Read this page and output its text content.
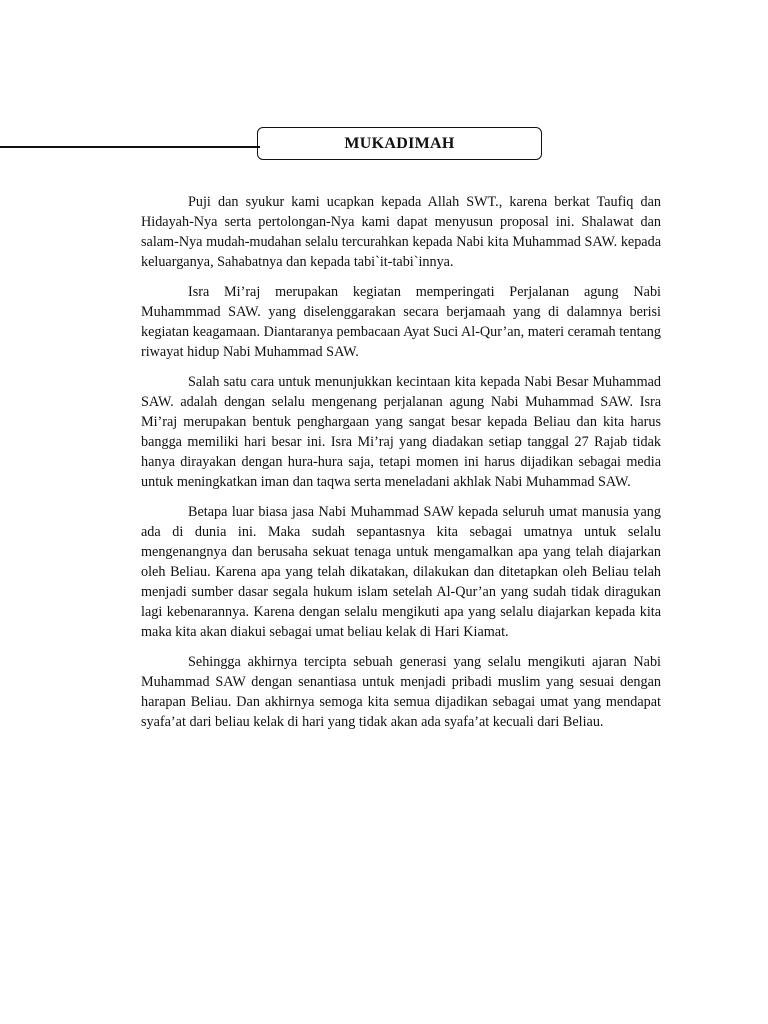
MUKADIMAH

Puji dan syukur kami ucapkan kepada Allah SWT., karena berkat Taufiq dan Hidayah-Nya serta pertolongan-Nya kami dapat menyusun proposal ini. Shalawat dan salam-Nya mudah-mudahan selalu tercurahkan kepada Nabi kita Muhammad SAW. kepada keluarganya, Sahabatnya dan kepada tabi`it-tabi`innya.

Isra Mi’raj merupakan kegiatan memperingati Perjalanan agung Nabi Muhammmad SAW. yang diselenggarakan secara berjamaah yang di dalamnya berisi kegiatan keagamaan. Diantaranya pembacaan Ayat Suci Al-Qur’an, materi ceramah tentang riwayat hidup Nabi Muhammad SAW.

Salah satu cara untuk menunjukkan kecintaan kita kepada Nabi Besar Muhammad SAW. adalah dengan selalu mengenang perjalanan agung Nabi Muhammad SAW. Isra Mi’raj merupakan bentuk penghargaan yang sangat besar kepada Beliau dan kita harus bangga memiliki hari besar ini. Isra Mi’raj yang diadakan setiap tanggal 27 Rajab tidak hanya dirayakan dengan hura-hura saja, tetapi momen ini harus dijadikan sebagai media untuk meningkatkan iman dan taqwa serta meneladani akhlak Nabi Muhammad SAW.

Betapa luar biasa jasa Nabi Muhammad SAW kepada seluruh umat manusia yang ada di dunia ini. Maka sudah sepantasnya kita sebagai umatnya untuk selalu mengenangnya dan berusaha sekuat tenaga untuk mengamalkan apa yang telah diajarkan oleh Beliau. Karena apa yang telah dikatakan, dilakukan dan ditetapkan oleh Beliau telah menjadi sumber dasar segala hukum islam setelah Al-Qur’an yang sudah tidak diragukan lagi kebenarannya. Karena dengan selalu mengikuti apa yang selalu diajarkan kepada kita maka kita akan diakui sebagai umat beliau kelak di Hari Kiamat.

Sehingga akhirnya tercipta sebuah generasi yang selalu mengikuti ajaran Nabi Muhammad SAW dengan senantiasa untuk menjadi pribadi muslim yang sesuai dengan harapan Beliau. Dan akhirnya semoga kita semua dijadikan sebagai umat yang mendapat syafa’at dari beliau kelak di hari yang tidak akan ada syafa’at kecuali dari Beliau.
